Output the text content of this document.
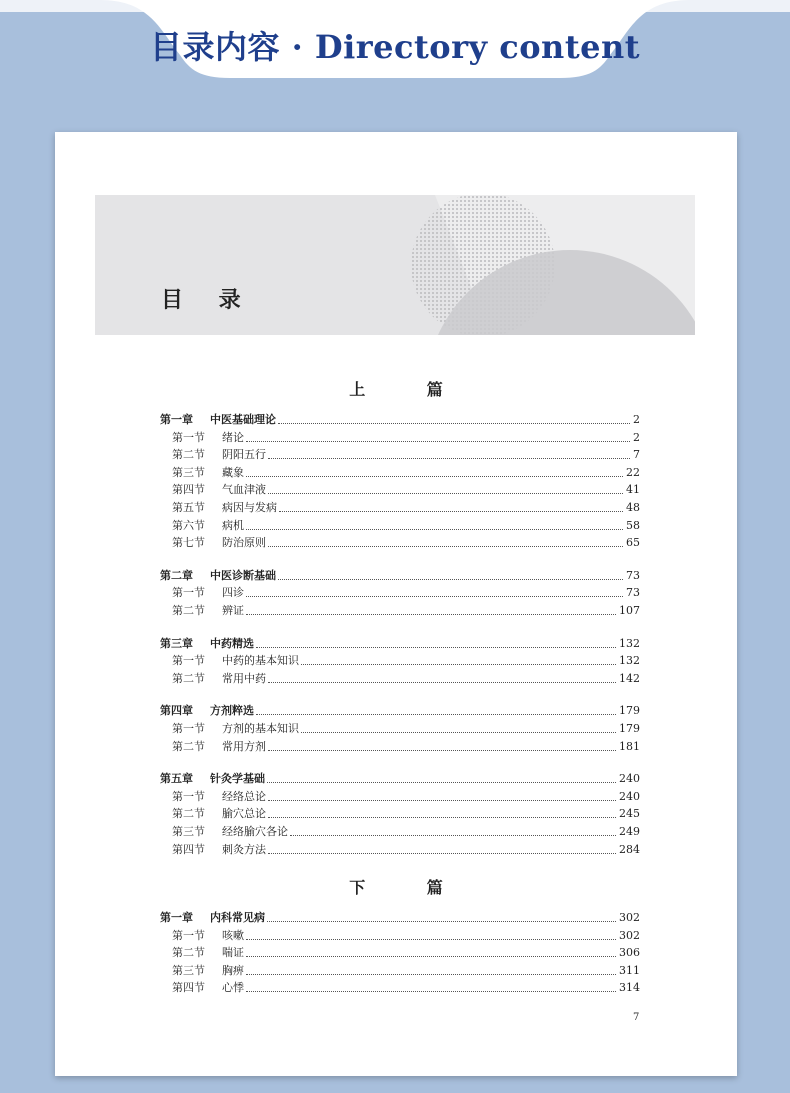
目录内容 · Directory content
目 录
上 篇
第一章	中医基础理论	2
第一节	绪论	2
第二节	阴阳五行	7
第三节	藏象	22
第四节	气血津液	41
第五节	病因与发病	48
第六节	病机	58
第七节	防治原则	65
第二章	中医诊断基础	73
第一节	四诊	73
第二节	辨证	107
第三章	中药精选	132
第一节	中药的基本知识	132
第二节	常用中药	142
第四章	方剂粹选	179
第一节	方剂的基本知识	179
第二节	常用方剂	181
第五章	针灸学基础	240
第一节	经络总论	240
第二节	腧穴总论	245
第三节	经络腧穴各论	249
第四节	刺灸方法	284
下 篇
第一章	内科常见病	302
第一节	咳嗽	302
第二节	喘证	306
第三节	胸痹	311
第四节	心悸	314
7
